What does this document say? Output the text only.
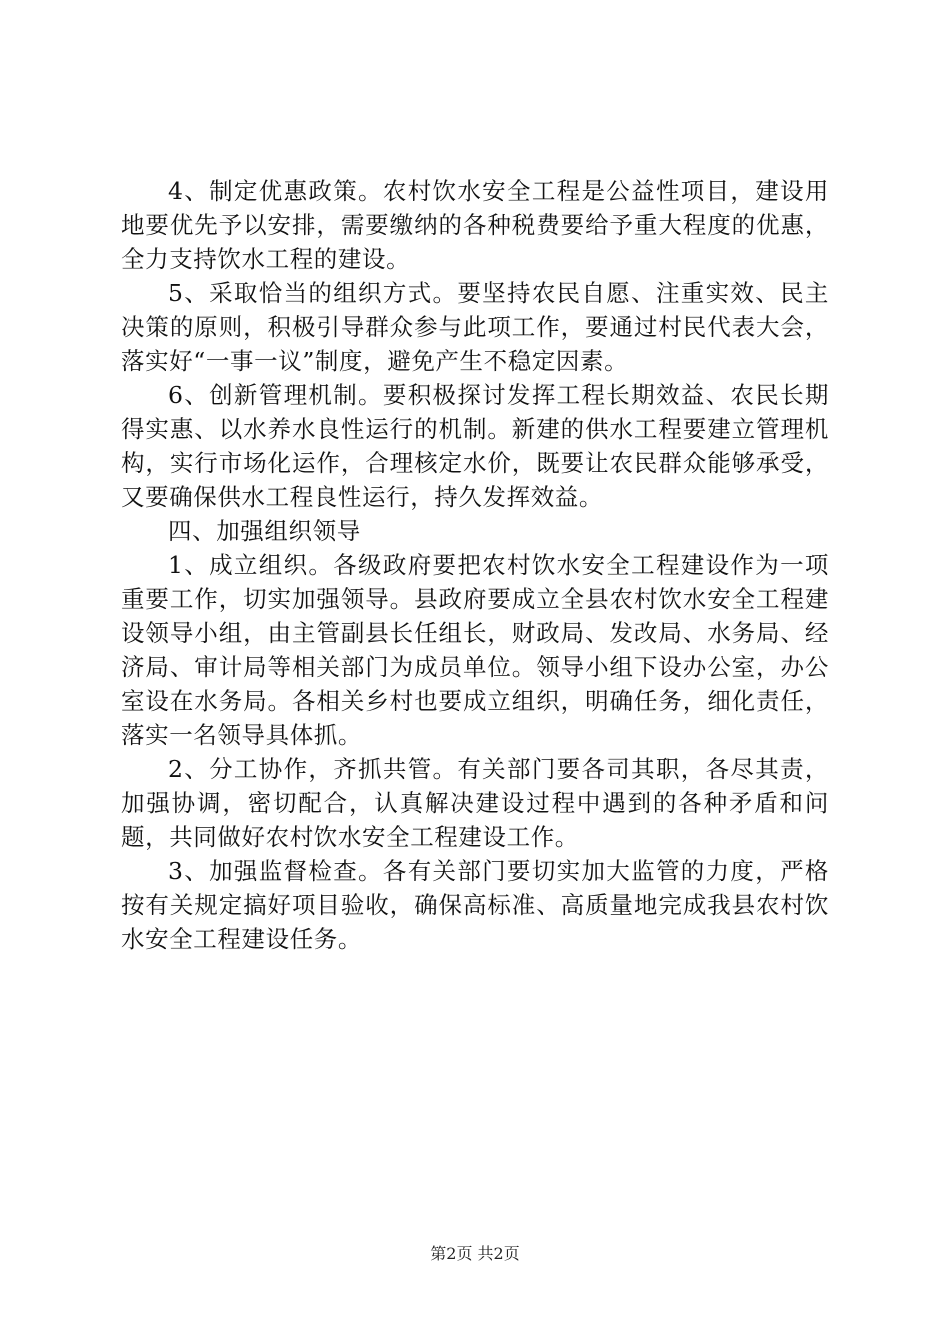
4、制定优惠政策。农村饮水安全工程是公益性项目，建设用地要优先予以安排，需要缴纳的各种税费要给予重大程度的优惠，全力支持饮水工程的建设。

5、采取恰当的组织方式。要坚持农民自愿、注重实效、民主决策的原则，积极引导群众参与此项工作，要通过村民代表大会，落实好“一事一议”制度，避免产生不稳定因素。

6、创新管理机制。要积极探讨发挥工程长期效益、农民长期得实惠、以水养水良性运行的机制。新建的供水工程要建立管理机构，实行市场化运作，合理核定水价，既要让农民群众能够承受，又要确保供水工程良性运行，持久发挥效益。

四、加强组织领导

1、成立组织。各级政府要把农村饮水安全工程建设作为一项重要工作，切实加强领导。县政府要成立全县农村饮水安全工程建设领导小组，由主管副县长任组长，财政局、发改局、水务局、经济局、审计局等相关部门为成员单位。领导小组下设办公室，办公室设在水务局。各相关乡村也要成立组织，明确任务，细化责任，落实一名领导具体抓。

2、分工协作，齐抓共管。有关部门要各司其职，各尽其责，加强协调，密切配合，认真解决建设过程中遇到的各种矛盾和问题，共同做好农村饮水安全工程建设工作。

3、加强监督检查。各有关部门要切实加大监管的力度，严格按有关规定搞好项目验收，确保高标准、高质量地完成我县农村饮水安全工程建设任务。

第2页 共2页
